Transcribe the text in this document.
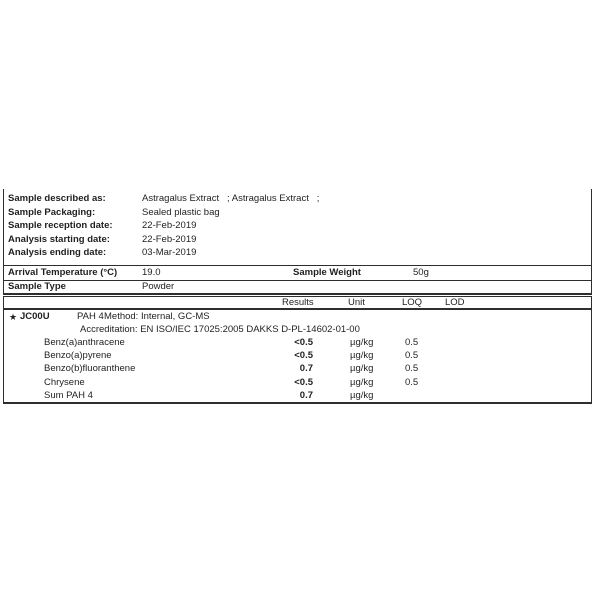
Sample described as:	Astragalus Extract   ; Astragalus Extract   ;
Sample Packaging:	Sealed plastic bag
Sample reception date:	22-Feb-2019
Analysis starting date:	22-Feb-2019
Analysis ending date:	03-Mar-2019
Arrival Temperature (°C)	19.0	Sample Weight	50g
Sample Type	Powder
Results	Unit	LOQ LOD
★ JC00U	PAH 4 Method: Internal, GC-MS
Accreditation: EN ISO/IEC 17025:2005 DAKKS D-PL-14602-01-00
Benz(a)anthracene	<0.5	µg/kg	0.5
Benzo(a)pyrene	<0.5	µg/kg	0.5
Benzo(b)fluoranthene	0.7	µg/kg	0.5
Chrysene	<0.5	µg/kg	0.5
Sum PAH 4	0.7	µg/kg
